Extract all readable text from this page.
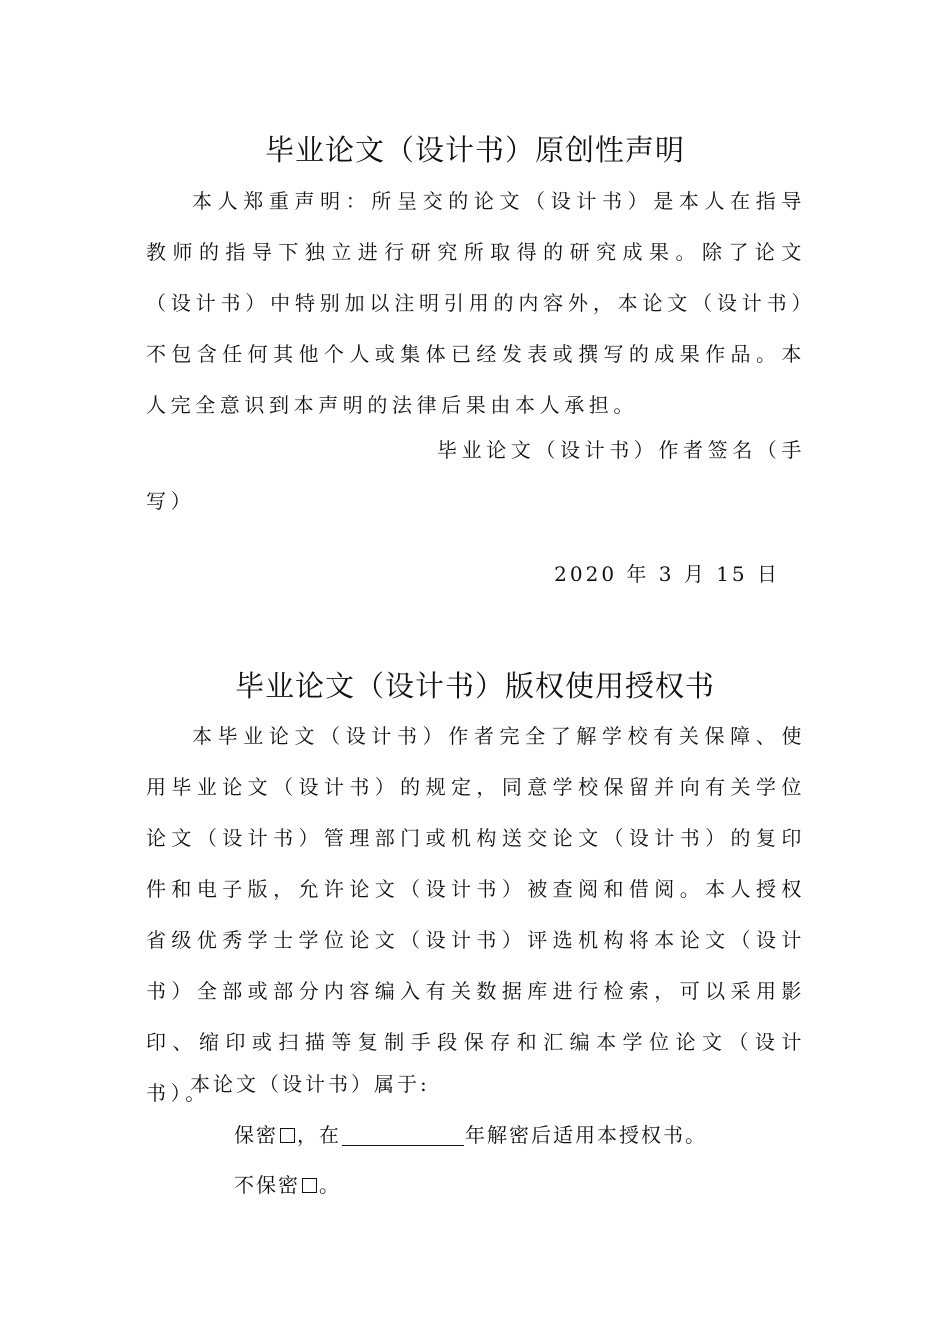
毕业论文（设计书）原创性声明

本人郑重声明：所呈交的论文（设计书）是本人在指导教师的指导下独立进行研究所取得的研究成果。除了论文（设计书）中特别加以注明引用的内容外，本论文（设计书）不包含任何其他个人或集体已经发表或撰写的成果作品。本人完全意识到本声明的法律后果由本人承担。

毕业论文（设计书）作者签名（手
写）

2020 年 3 月 15 日

毕业论文（设计书）版权使用授权书

本毕业论文（设计书）作者完全了解学校有关保障、使用毕业论文（设计书）的规定，同意学校保留并向有关学位论文（设计书）管理部门或机构送交论文（设计书）的复印件和电子版，允许论文（设计书）被查阅和借阅。本人授权省级优秀学士学位论文（设计书）评选机构将本论文（设计书）全部或部分内容编入有关数据库进行检索，可以采用影印、缩印或扫描等复制手段保存和汇编本学位论文（设计书）。

本论文（设计书）属于:

保密 ，在	年解密后适用本授权书。

不保密 。
